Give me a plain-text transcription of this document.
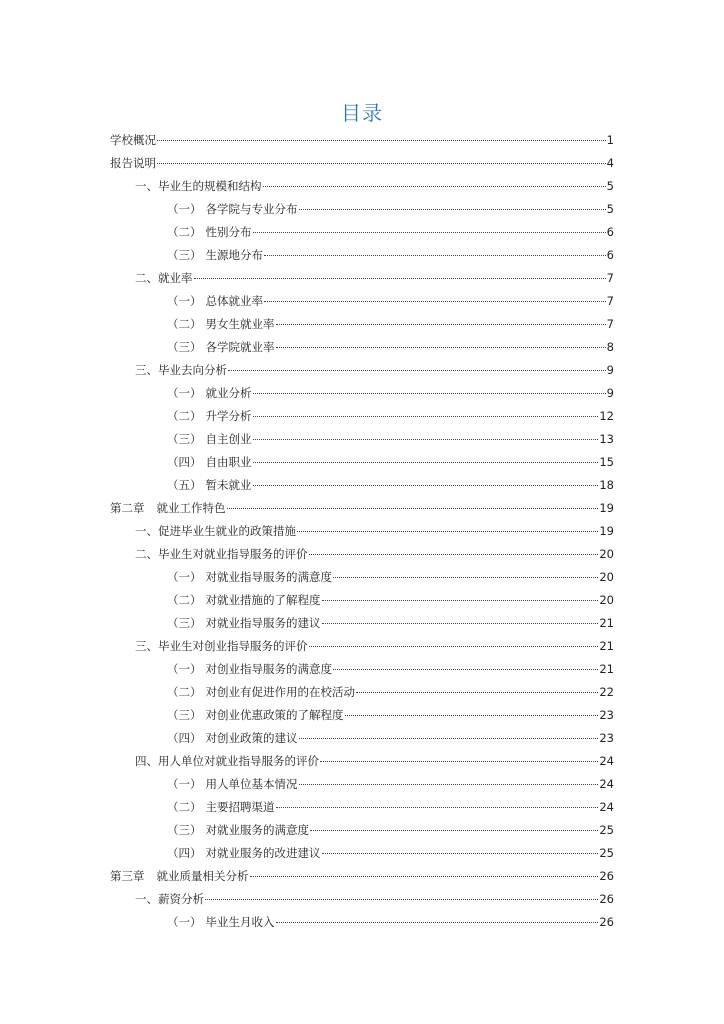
目录
学校概况	1
报告说明	4
一、毕业生的规模和结构	5
（一） 各学院与专业分布	5
（二） 性别分布	6
（三） 生源地分布	6
二、就业率	7
（一） 总体就业率	7
（二） 男女生就业率	7
（三） 各学院就业率	8
三、毕业去向分析	9
（一） 就业分析	9
（二） 升学分析	12
（三） 自主创业	13
（四） 自由职业	15
（五） 暂未就业	18
第二章 就业工作特色	19
一、促进毕业生就业的政策措施	19
二、毕业生对就业指导服务的评价	20
（一） 对就业指导服务的满意度	20
（二） 对就业措施的了解程度	20
（三） 对就业指导服务的建议	21
三、毕业生对创业指导服务的评价	21
（一） 对创业指导服务的满意度	21
（二） 对创业有促进作用的在校活动	22
（三） 对创业优惠政策的了解程度	23
（四） 对创业政策的建议	23
四、用人单位对就业指导服务的评价	24
（一） 用人单位基本情况	24
（二） 主要招聘渠道	24
（三） 对就业服务的满意度	25
（四） 对就业服务的改进建议	25
第三章 就业质量相关分析	26
一、薪资分析	26
（一） 毕业生月收入	26
